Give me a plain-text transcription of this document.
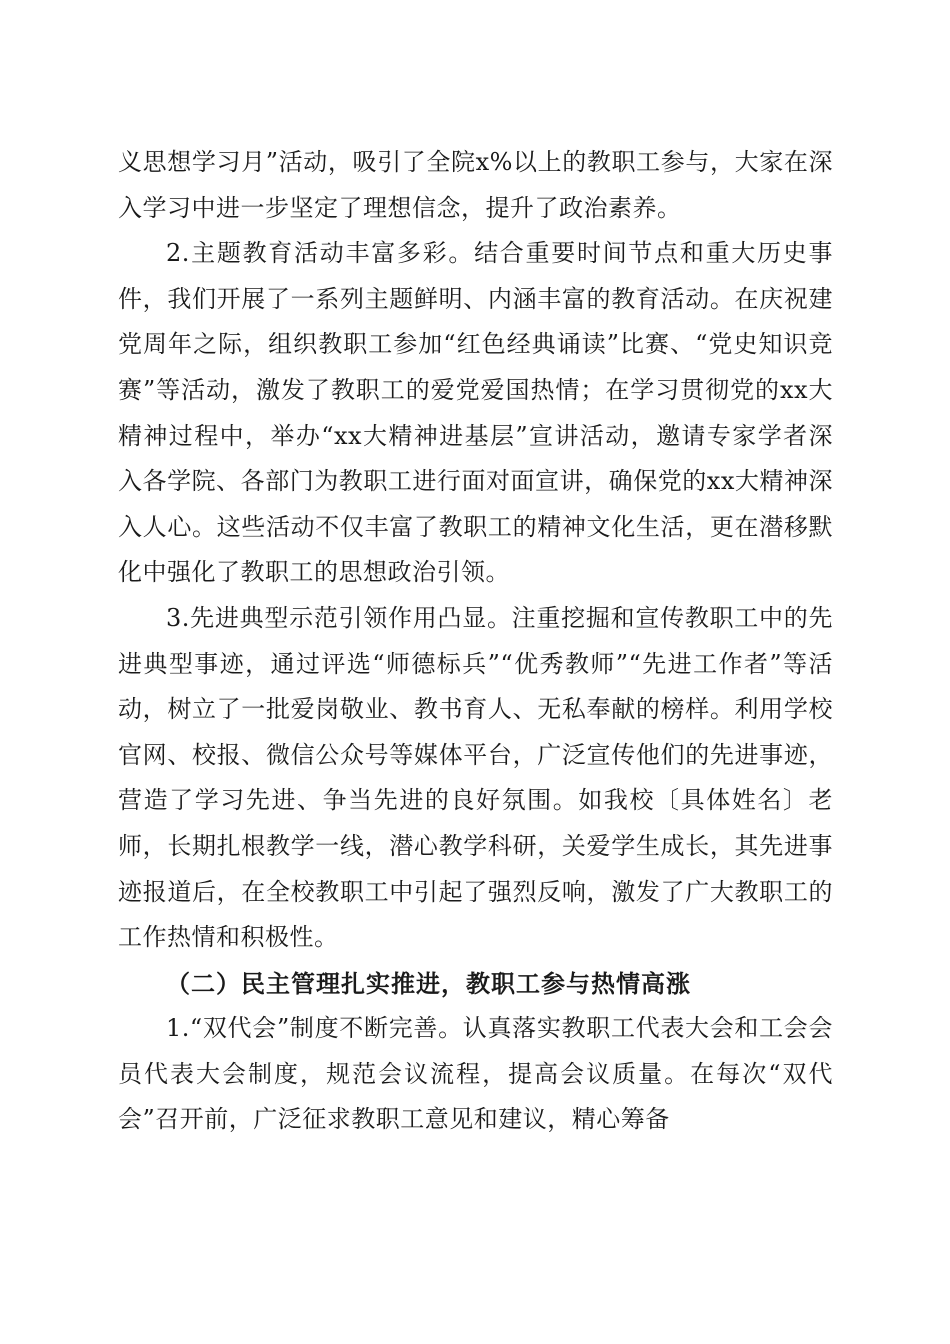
义思想学习月”活动，吸引了全院x%以上的教职工参与，大家在深入学习中进一步坚定了理想信念，提升了政治素养。

2.主题教育活动丰富多彩。结合重要时间节点和重大历史事件，我们开展了一系列主题鲜明、内涵丰富的教育活动。在庆祝建党周年之际，组织教职工参加“红色经典诵读”比赛、“党史知识竞赛”等活动，激发了教职工的爱党爱国热情；在学习贯彻党的xx大精神过程中，举办“xx大精神进基层”宣讲活动，邀请专家学者深入各学院、各部门为教职工进行面对面宣讲，确保党的xx大精神深入人心。这些活动不仅丰富了教职工的精神文化生活，更在潜移默化中强化了教职工的思想政治引领。

3.先进典型示范引领作用凸显。注重挖掘和宣传教职工中的先进典型事迹，通过评选“师德标兵”“优秀教师”“先进工作者”等活动，树立了一批爱岗敬业、教书育人、无私奉献的榜样。利用学校官网、校报、微信公众号等媒体平台，广泛宣传他们的先进事迹，营造了学习先进、争当先进的良好氛围。如我校〔具体姓名〕老师，长期扎根教学一线，潜心教学科研，关爱学生成长，其先进事迹报道后，在全校教职工中引起了强烈反响，激发了广大教职工的工作热情和积极性。

（二）民主管理扎实推进，教职工参与热情高涨

1.“双代会”制度不断完善。认真落实教职工代表大会和工会会员代表大会制度，规范会议流程，提高会议质量。在每次“双代会”召开前，广泛征求教职工意见和建议，精心筹备
